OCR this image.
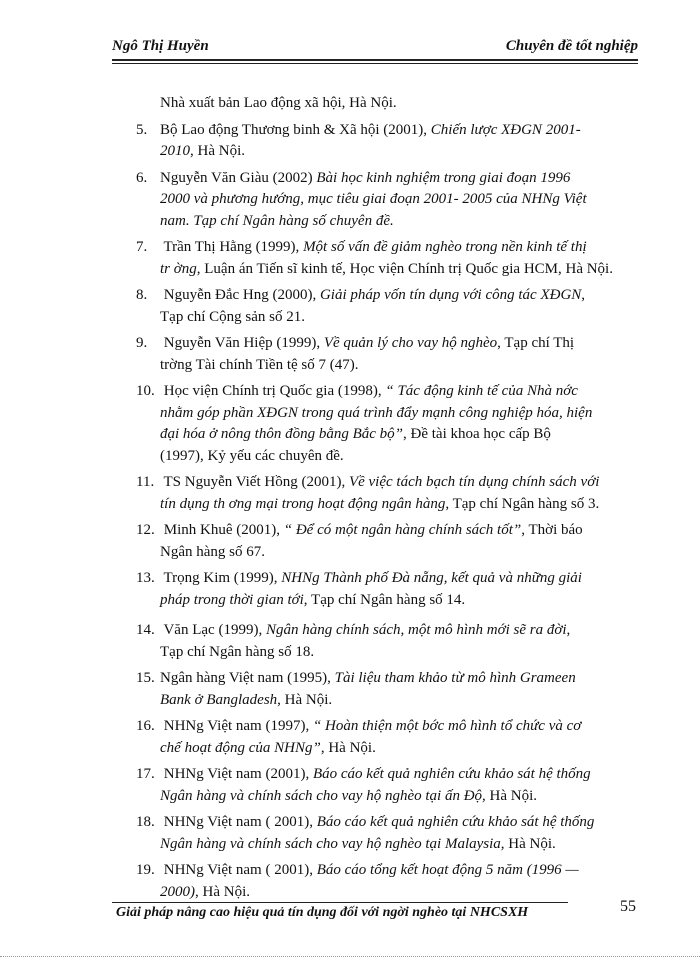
Ngô Thị Huyền	Chuyên đề tốt nghiệp
Nhà xuất bản Lao động xã hội, Hà Nội.
5. Bộ Lao động Thương binh & Xã hội (2001), Chiến lược XĐGN 2001-
2010, Hà Nội.
6. Nguyễn Văn Giàu (2002) Bài học kinh nghiệm trong giai đoạn 1996
2000 và phương hướng, mục tiêu giai đoạn 2001- 2005 của NHNg Việt
nam. Tạp chí Ngân hàng số chuyên đề.
7. Trần Thị Hằng (1999), Một số vấn đề giảm nghèo trong nền kinh tế thị
tr ờng, Luận án Tiến sĩ kinh tế, Học viện Chính trị Quốc gia HCM, Hà Nội.
8. Nguyễn Đắc Hng (2000), Giải pháp vốn tín dụng với công tác XĐGN,
Tạp chí Cộng sản số 21.
9. Nguyễn Văn Hiệp (1999), Về quản lý cho vay hộ nghèo, Tạp chí Thị
trờng Tài chính Tiền tệ số 7 (47).
10. Học viện Chính trị Quốc gia (1998), “ Tác động kinh tế của Nhà nớc
nhằm góp phần XĐGN trong quá trình đẩy mạnh công nghiệp hóa, hiện
đại hóa ở nông thôn đồng bằng Bắc bộ”, Đề tài khoa học cấp Bộ
(1997), Kỷ yếu các chuyên đề.
11. TS Nguyễn Viết Hồng (2001), Về việc tách bạch tín dụng chính sách với
tín dụng th ơng mại trong hoạt động ngân hàng, Tạp chí Ngân hàng số 3.
12. Minh Khuê (2001), “ Để có một ngân hàng chính sách tốt”, Thời báo
Ngân hàng số 67.
13. Trọng Kim (1999), NHNg Thành phố Đà nẵng, kết quả và những giải
pháp trong thời gian tới, Tạp chí Ngân hàng số 14.
14. Văn Lạc (1999), Ngân hàng chính sách, một mô hình mới sẽ ra đời,
Tạp chí Ngân hàng số 18.
15. Ngân hàng Việt nam (1995), Tài liệu tham khảo từ mô hình Grameen
Bank ở Bangladesh, Hà Nội.
16. NHNg Việt nam (1997), “ Hoàn thiện một bớc mô hình tổ chức và cơ
chế hoạt động của NHNg”, Hà Nội.
17. NHNg Việt nam (2001), Báo cáo kết quả nghiên cứu khảo sát hệ thống
Ngân hàng và chính sách cho vay hộ nghèo tại ấn Độ, Hà Nội.
18. NHNg Việt nam ( 2001), Báo cáo kết quả nghiên cứu khảo sát hệ thống
Ngân hàng và chính sách cho vay hộ nghèo tại Malaysia, Hà Nội.
19. NHNg Việt nam ( 2001), Báo cáo tổng kết hoạt động 5 năm (1996 —
2000), Hà Nội.
Giải pháp nâng cao hiệu quả tín dụng đối với ngời nghèo tại NHCSXH	55
